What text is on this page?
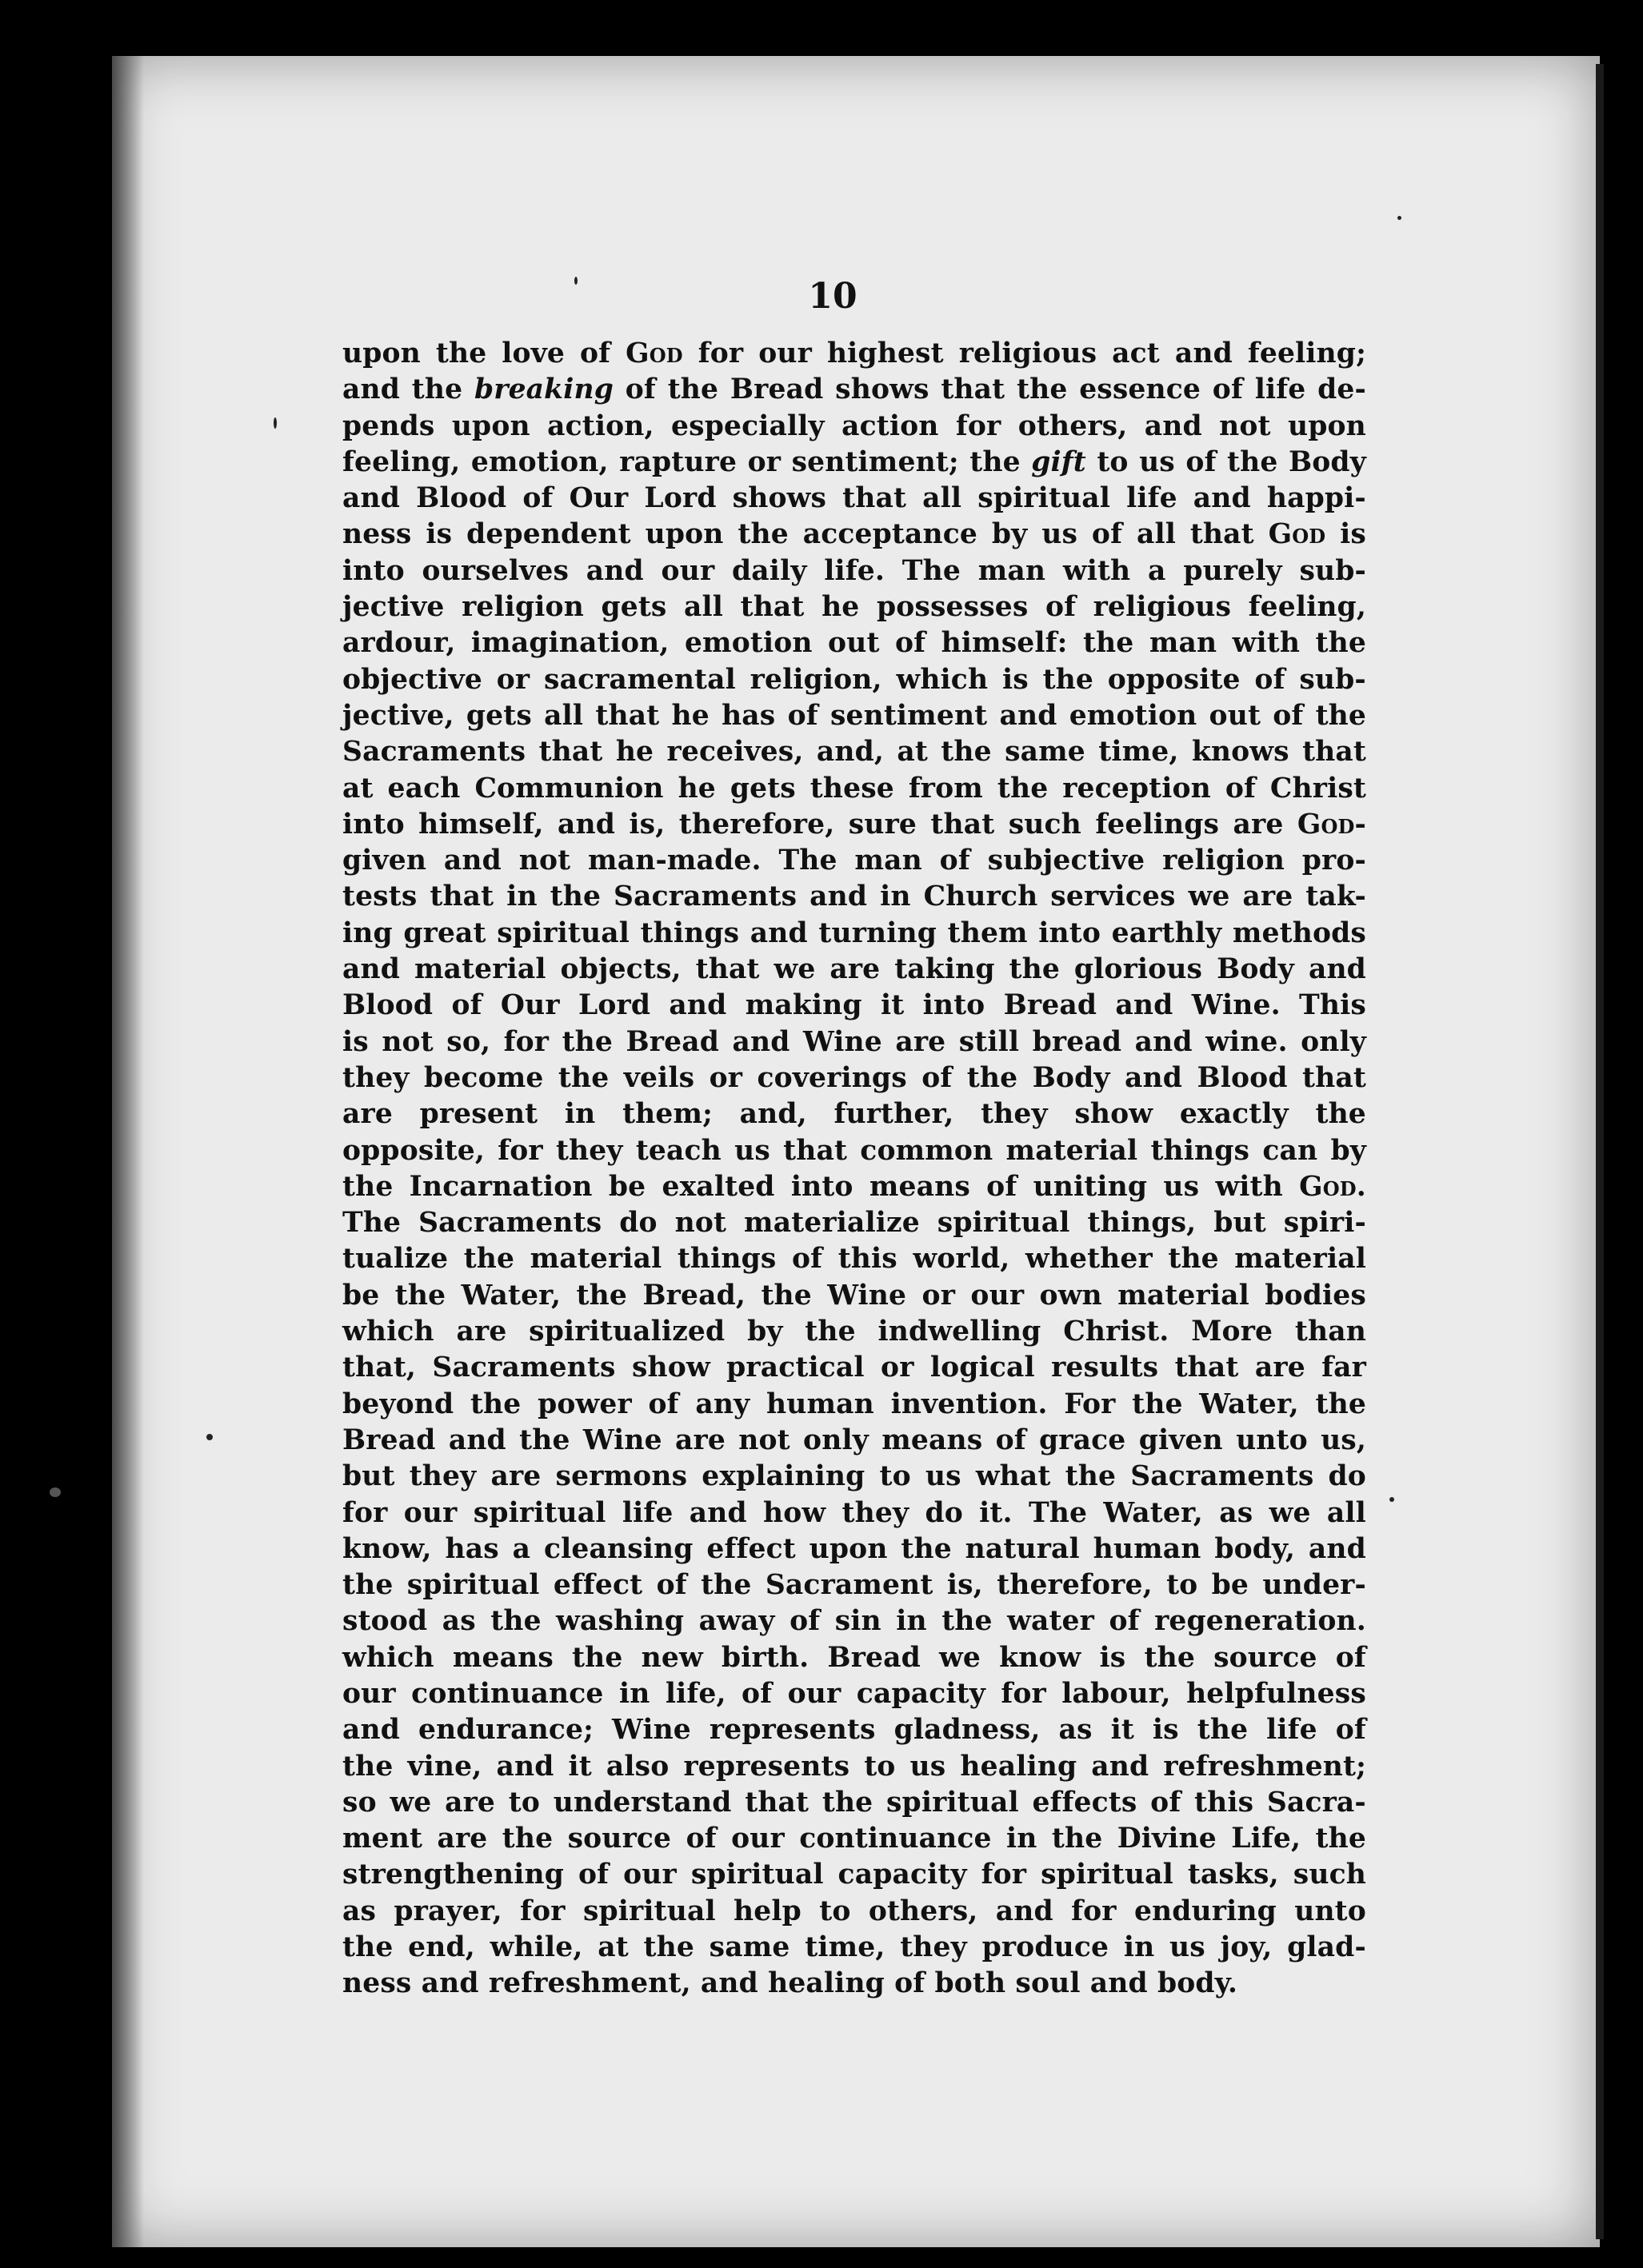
10
upon the love of God for our highest religious act and feeling;
and the breaking of the Bread shows that the essence of life de-
pends upon action, especially action for others, and not upon
feeling, emotion, rapture or sentiment; the gift to us of the Body
and Blood of Our Lord shows that all spiritual life and happi-
ness is dependent upon the acceptance by us of all that God is
into ourselves and our daily life. The man with a purely sub-
jective religion gets all that he possesses of religious feeling,
ardour, imagination, emotion out of himself: the man with the
objective or sacramental religion, which is the opposite of sub-
jective, gets all that he has of sentiment and emotion out of the
Sacraments that he receives, and, at the same time, knows that
at each Communion he gets these from the reception of Christ
into himself, and is, therefore, sure that such feelings are God-
given and not man-made. The man of subjective religion pro-
tests that in the Sacraments and in Church services we are tak-
ing great spiritual things and turning them into earthly methods
and material objects, that we are taking the glorious Body and
Blood of Our Lord and making it into Bread and Wine. This
is not so, for the Bread and Wine are still bread and wine. only
they become the veils or coverings of the Body and Blood that
are present in them; and, further, they show exactly the
opposite, for they teach us that common material things can by
the Incarnation be exalted into means of uniting us with God.
The Sacraments do not materialize spiritual things, but spiri-
tualize the material things of this world, whether the material
be the Water, the Bread, the Wine or our own material bodies
which are spiritualized by the indwelling Christ. More than
that, Sacraments show practical or logical results that are far
beyond the power of any human invention. For the Water, the
Bread and the Wine are not only means of grace given unto us,
but they are sermons explaining to us what the Sacraments do
for our spiritual life and how they do it. The Water, as we all
know, has a cleansing effect upon the natural human body, and
the spiritual effect of the Sacrament is, therefore, to be under-
stood as the washing away of sin in the water of regeneration.
which means the new birth. Bread we know is the source of
our continuance in life, of our capacity for labour, helpfulness
and endurance; Wine represents gladness, as it is the life of
the vine, and it also represents to us healing and refreshment;
so we are to understand that the spiritual effects of this Sacra-
ment are the source of our continuance in the Divine Life, the
strengthening of our spiritual capacity for spiritual tasks, such
as prayer, for spiritual help to others, and for enduring unto
the end, while, at the same time, they produce in us joy, glad-
ness and refreshment, and healing of both soul and body.
